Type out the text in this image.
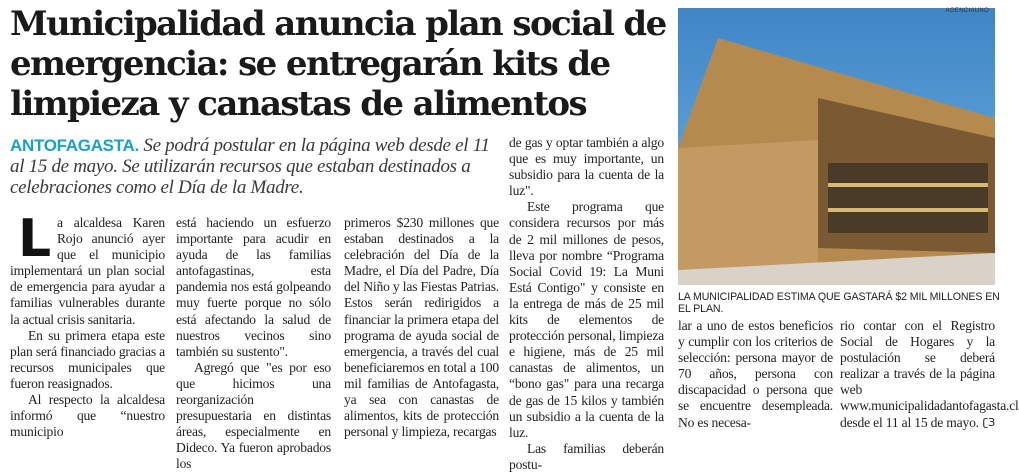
Municipalidad anuncia plan social de emergencia: se entregarán kits de limpieza y canastas de alimentos
ANTOFAGASTA. Se podrá postular en la página web desde el 11 al 15 de mayo. Se utilizarán recursos que estaban destinados a celebraciones como el Día de la Madre.

La alcaldesa Karen Rojo anunció ayer que el municipio implementará un plan social de emergencia para ayudar a familias vulnerables durante la actual crisis sanitaria.

En su primera etapa este plan será financiado gracias a recursos municipales que fueron reasignados.

Al respecto la alcaldesa informó que “nuestro municipio

está haciendo un esfuerzo importante para acudir en ayuda de las familias antofagastinas, esta pandemia nos está golpeando muy fuerte porque no sólo está afectando la salud de nuestros vecinos sino también su sustento".

Agregó que "es por eso que hicimos una reorganización presupuestaria en distintas áreas, especialmente en Dideco. Ya fueron aprobados los

primeros $230 millones que estaban destinados a la celebración del Día de la Madre, el Día del Padre, Día del Niño y las Fiestas Patrias. Estos serán redirigidos a financiar la primera etapa del programa de ayuda social de emergencia, a través del cual beneficiaremos en total a 100 mil familias de Antofagasta, ya sea con canastas de alimentos, kits de protección personal y limpieza, recargas

de gas y optar también a algo que es muy importante, un subsidio para la cuenta de la luz".

Este programa que considera recursos por más de 2 mil millones de pesos, lleva por nombre “Programa Social Covid 19: La Muni Está Contigo" y consiste en la entrega de más de 25 mil kits de elementos de protección personal, limpieza e higiene, más de 25 mil canastas de alimentos, un “bono gas" para una recarga de gas de 15 kilos y también un subsidio a la cuenta de la luz.

Las familias deberán postu-

AGENCIAUNO
LA MUNICIPALIDAD ESTIMA QUE GASTARÁ $2 MIL MILLONES EN EL PLAN.

lar a uno de estos beneficios y cumplir con los criterios de selección: persona mayor de 70 años, persona con discapacidad o persona que se encuentre desempleada. No es necesa-

rio contar con el Registro Social de Hogares y la postulación se deberá realizar a través de la página web www.municipalidadantofagasta.cl desde el 11 al 15 de mayo. ʗЗ
